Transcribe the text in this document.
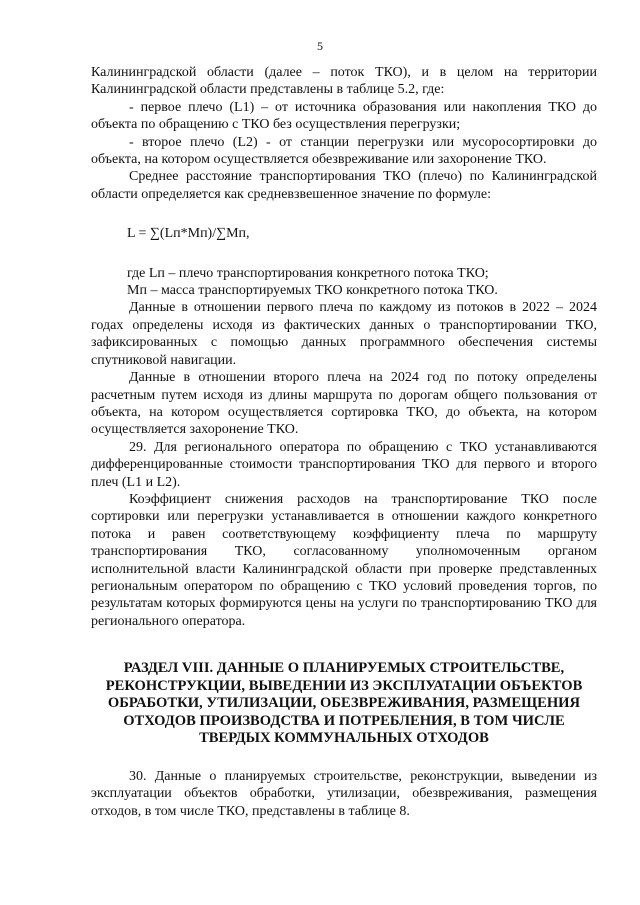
5

Калининградской области (далее – поток ТКО), и в целом на территории Калининградской области представлены в таблице 5.2, где:

- первое плечо (L1) – от источника образования или накопления ТКО до объекта по обращению с ТКО без осуществления перегрузки;

- второе плечо (L2) - от станции перегрузки или мусоросортировки до объекта, на котором осуществляется обезвреживание или захоронение ТКО.

Среднее расстояние транспортирования ТКО (плечо) по Калининградской области определяется как средневзвешенное значение по формуле:

L = ∑(Lп*Mп)/∑Mп,

где Lп – плечо транспортирования конкретного потока ТКО;

Mп – масса транспортируемых ТКО конкретного потока ТКО.

Данные в отношении первого плеча по каждому из потоков в 2022 – 2024 годах определены исходя из фактических данных о транспортировании ТКО, зафиксированных с помощью данных программного обеспечения системы спутниковой навигации.

Данные в отношении второго плеча на 2024 год по потоку определены расчетным путем исходя из длины маршрута по дорогам общего пользования от объекта, на котором осуществляется сортировка ТКО, до объекта, на котором осуществляется захоронение ТКО.

29. Для регионального оператора по обращению с ТКО устанавливаются дифференцированные стоимости транспортирования ТКО для первого и второго плеч (L1 и L2).

Коэффициент снижения расходов на транспортирование ТКО после сортировки или перегрузки устанавливается в отношении каждого конкретного потока и равен соответствующему коэффициенту плеча по маршруту транспортирования ТКО, согласованному уполномоченным органом исполнительной власти Калининградской области при проверке представленных региональным оператором по обращению с ТКО условий проведения торгов, по результатам которых формируются цены на услуги по транспортированию ТКО для регионального оператора.

РАЗДЕЛ VIII. ДАННЫЕ О ПЛАНИРУЕМЫХ СТРОИТЕЛЬСТВЕ, РЕКОНСТРУКЦИИ, ВЫВЕДЕНИИ ИЗ ЭКСПЛУАТАЦИИ ОБЪЕКТОВ ОБРАБОТКИ, УТИЛИЗАЦИИ, ОБЕЗВРЕЖИВАНИЯ, РАЗМЕЩЕНИЯ ОТХОДОВ ПРОИЗВОДСТВА И ПОТРЕБЛЕНИЯ, В ТОМ ЧИСЛЕ ТВЕРДЫХ КОММУНАЛЬНЫХ ОТХОДОВ

30. Данные о планируемых строительстве, реконструкции, выведении из эксплуатации объектов обработки, утилизации, обезвреживания, размещения отходов, в том числе ТКО, представлены в таблице 8.
